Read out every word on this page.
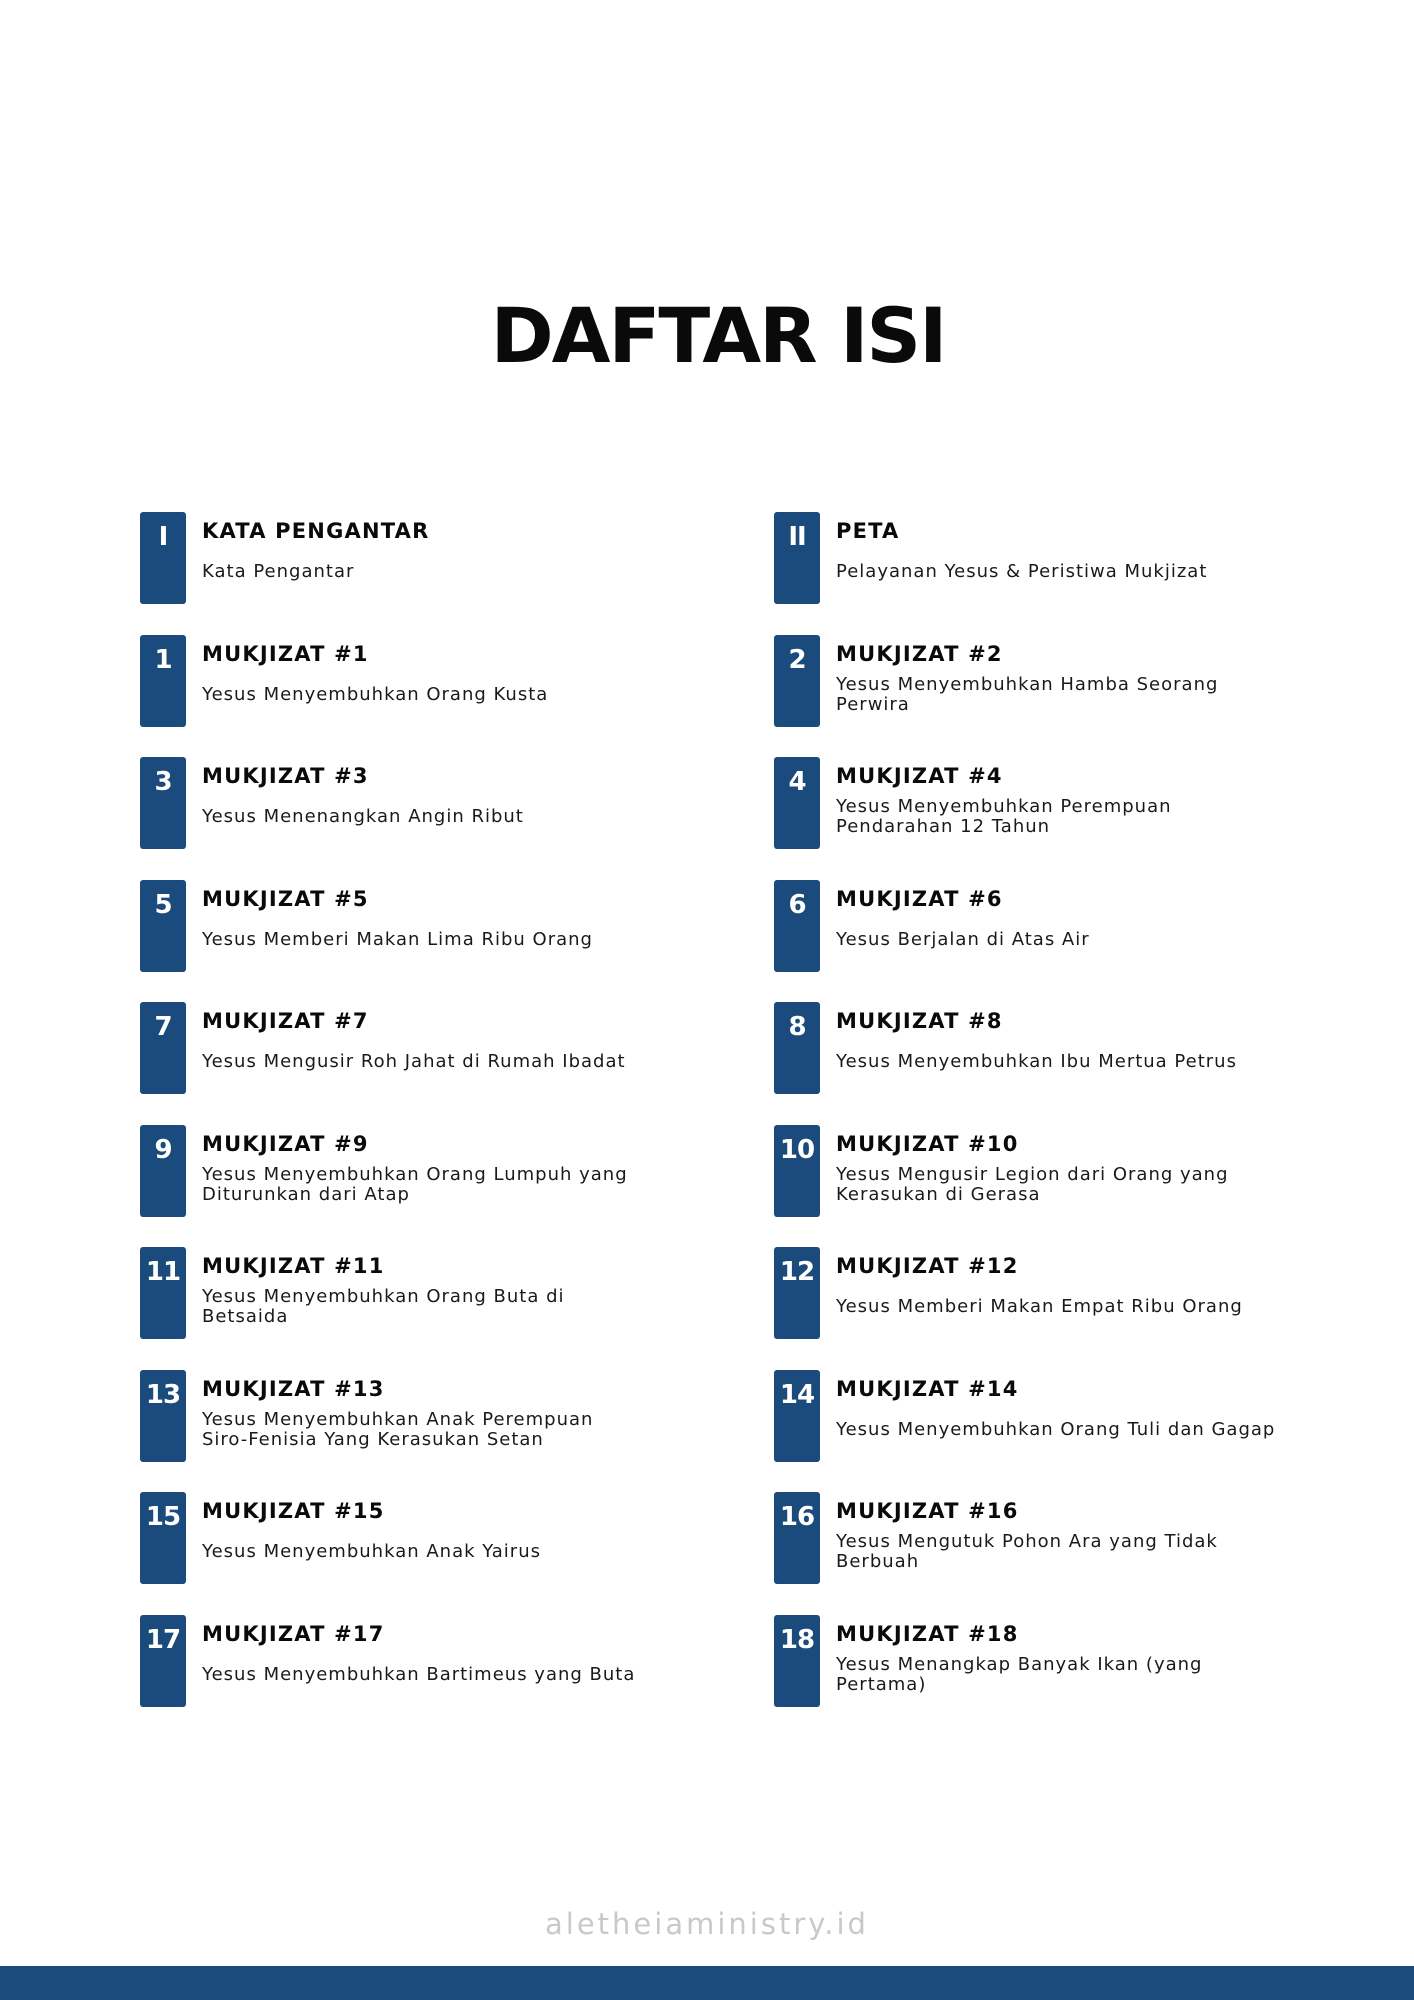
DAFTAR ISI
I	KATA PENGANTAR
Kata Pengantar
II	PETA
Pelayanan Yesus & Peristiwa Mukjizat
1	MUKJIZAT #1
Yesus Menyembuhkan Orang Kusta
2	MUKJIZAT #2
Yesus Menyembuhkan Hamba Seorang Perwira
3	MUKJIZAT #3
Yesus Menenangkan Angin Ribut
4	MUKJIZAT #4
Yesus Menyembuhkan Perempuan Pendarahan 12 Tahun
5	MUKJIZAT #5
Yesus Memberi Makan Lima Ribu Orang
6	MUKJIZAT #6
Yesus Berjalan di Atas Air
7	MUKJIZAT #7
Yesus Mengusir Roh Jahat di Rumah Ibadat
8	MUKJIZAT #8
Yesus Menyembuhkan Ibu Mertua Petrus
9	MUKJIZAT #9
Yesus Menyembuhkan Orang Lumpuh yang Diturunkan dari Atap
10 MUKJIZAT #10
Yesus Mengusir Legion dari Orang yang Kerasukan di Gerasa
11 MUKJIZAT #11
Yesus Menyembuhkan Orang Buta di Betsaida
12 MUKJIZAT #12
Yesus Memberi Makan Empat Ribu Orang
13 MUKJIZAT #13
Yesus Menyembuhkan Anak Perempuan Siro-Fenisia Yang Kerasukan Setan
14 MUKJIZAT #14
Yesus Menyembuhkan Orang Tuli dan Gagap
15 MUKJIZAT #15
Yesus Menyembuhkan Anak Yairus
16 MUKJIZAT #16
Yesus Mengutuk Pohon Ara yang Tidak Berbuah
17 MUKJIZAT #17
Yesus Menyembuhkan Bartimeus yang Buta
18 MUKJIZAT #18
Yesus Menangkap Banyak Ikan (yang Pertama)
aletheiaministry.id
